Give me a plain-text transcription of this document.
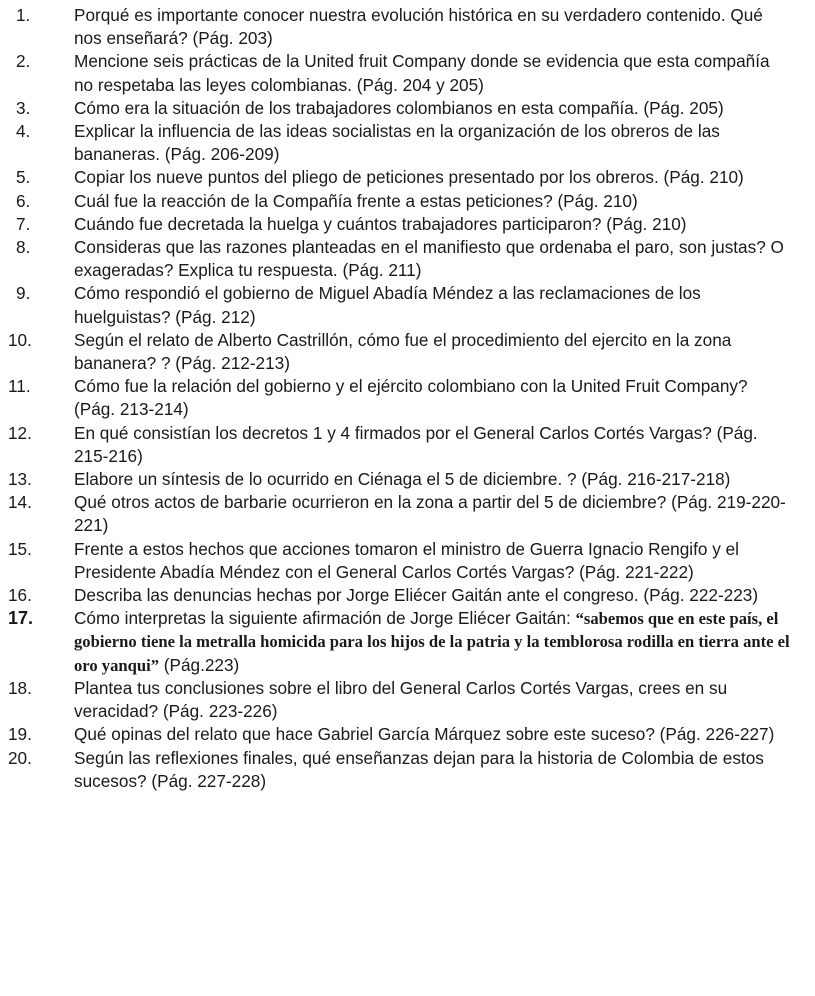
1.	Porqué es importante conocer nuestra evolución histórica en su verdadero contenido. Qué nos enseñará? (Pág. 203)
2.	Mencione seis prácticas de la United fruit Company donde se evidencia que esta compañía no respetaba las leyes colombianas. (Pág. 204 y 205)
3.	Cómo era la situación de los trabajadores colombianos en esta compañía. (Pág. 205)
4.	Explicar la influencia de las ideas socialistas en la organización de los obreros de las bananeras. (Pág. 206-209)
5.	Copiar los nueve puntos del pliego de peticiones presentado por los obreros. (Pág. 210)
6.	Cuál fue la reacción de la Compañía frente a estas peticiones? (Pág. 210)
7.	Cuándo fue decretada la huelga y cuántos trabajadores participaron? (Pág. 210)
8.	Consideras que las razones planteadas en el manifiesto que ordenaba el paro, son justas? O exageradas? Explica tu respuesta. (Pág. 211)
9.	Cómo respondió el gobierno de Miguel Abadía Méndez a las reclamaciones de los huelguistas? (Pág. 212)
10.	Según el relato de Alberto Castrillón, cómo fue el procedimiento del ejercito en la zona bananera? ? (Pág. 212-213)
11.	Cómo fue la relación del gobierno y el ejército colombiano con la United Fruit Company? (Pág. 213-214)
12.	En qué consistían los decretos 1 y 4 firmados por el General Carlos Cortés Vargas? (Pág. 215-216)
13.	Elabore un síntesis de lo ocurrido en Ciénaga el 5 de diciembre. ? (Pág. 216-217-218)
14.	Qué otros actos de barbarie ocurrieron en la zona a partir del 5 de diciembre? (Pág. 219-220-221)
15.	Frente a estos hechos que acciones tomaron el ministro de Guerra Ignacio Rengifo y el Presidente Abadía Méndez con el General Carlos Cortés Vargas? (Pág. 221-222)
16.	Describa las denuncias hechas por Jorge Eliécer Gaitán ante el congreso. (Pág. 222-223)
17.	Cómo interpretas la siguiente afirmación de Jorge Eliécer Gaitán: “sabemos que en este país, el gobierno tiene la metralla homicida para los hijos de la patria y la temblorosa rodilla en tierra ante el oro yanqui” (Pág.223)
18.	Plantea tus conclusiones sobre el libro del General Carlos Cortés Vargas, crees en su veracidad? (Pág. 223-226)
19.	Qué opinas del relato que hace Gabriel García Márquez sobre este suceso? (Pág. 226-227)
20.	Según las reflexiones finales, qué enseñanzas dejan para la historia de Colombia de estos sucesos? (Pág. 227-228)
